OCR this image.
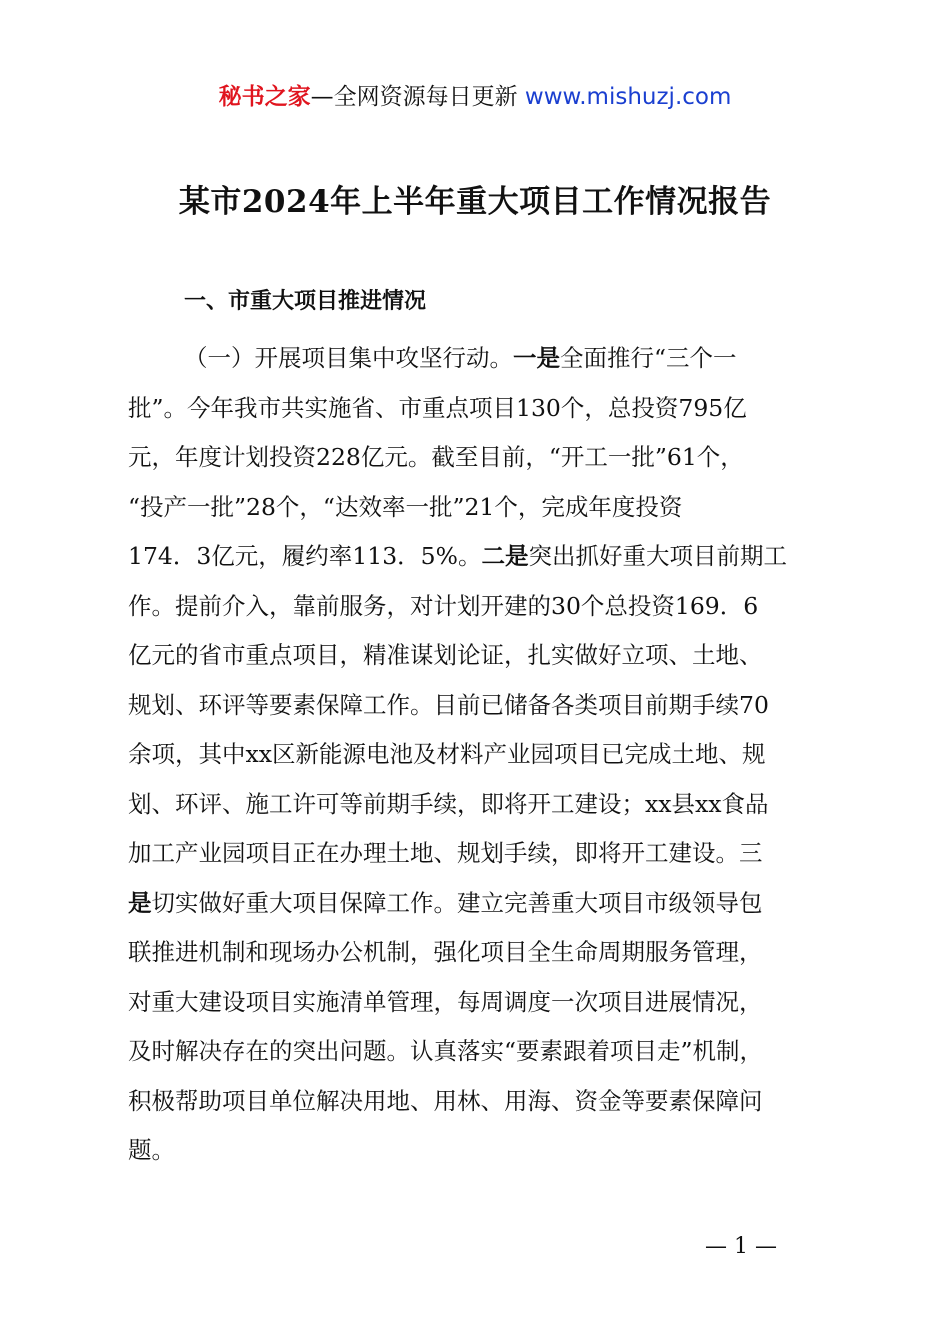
秘书之家—全网资源每日更新 www.mishuzj.com
某市2024年上半年重大项目工作情况报告
一、市重大项目推进情况
（一）开展项目集中攻坚行动。一是全面推行“三个一
批”。今年我市共实施省、市重点项目130个，总投资795亿
元，年度计划投资228亿元。截至目前，“开工一批”61个，
“投产一批”28个，“达效率一批”21个，完成年度投资
174．3亿元，履约率113．5%。二是突出抓好重大项目前期工
作。提前介入，靠前服务，对计划开建的30个总投资169．6
亿元的省市重点项目，精准谋划论证，扎实做好立项、土地、
规划、环评等要素保障工作。目前已储备各类项目前期手续70
余项，其中xx区新能源电池及材料产业园项目已完成土地、规
划、环评、施工许可等前期手续，即将开工建设；xx县xx食品
加工产业园项目正在办理土地、规划手续，即将开工建设。三
是切实做好重大项目保障工作。建立完善重大项目市级领导包
联推进机制和现场办公机制，强化项目全生命周期服务管理，
对重大建设项目实施清单管理，每周调度一次项目进展情况，
及时解决存在的突出问题。认真落实“要素跟着项目走”机制，
积极帮助项目单位解决用地、用林、用海、资金等要素保障问
题。
— 1 —
